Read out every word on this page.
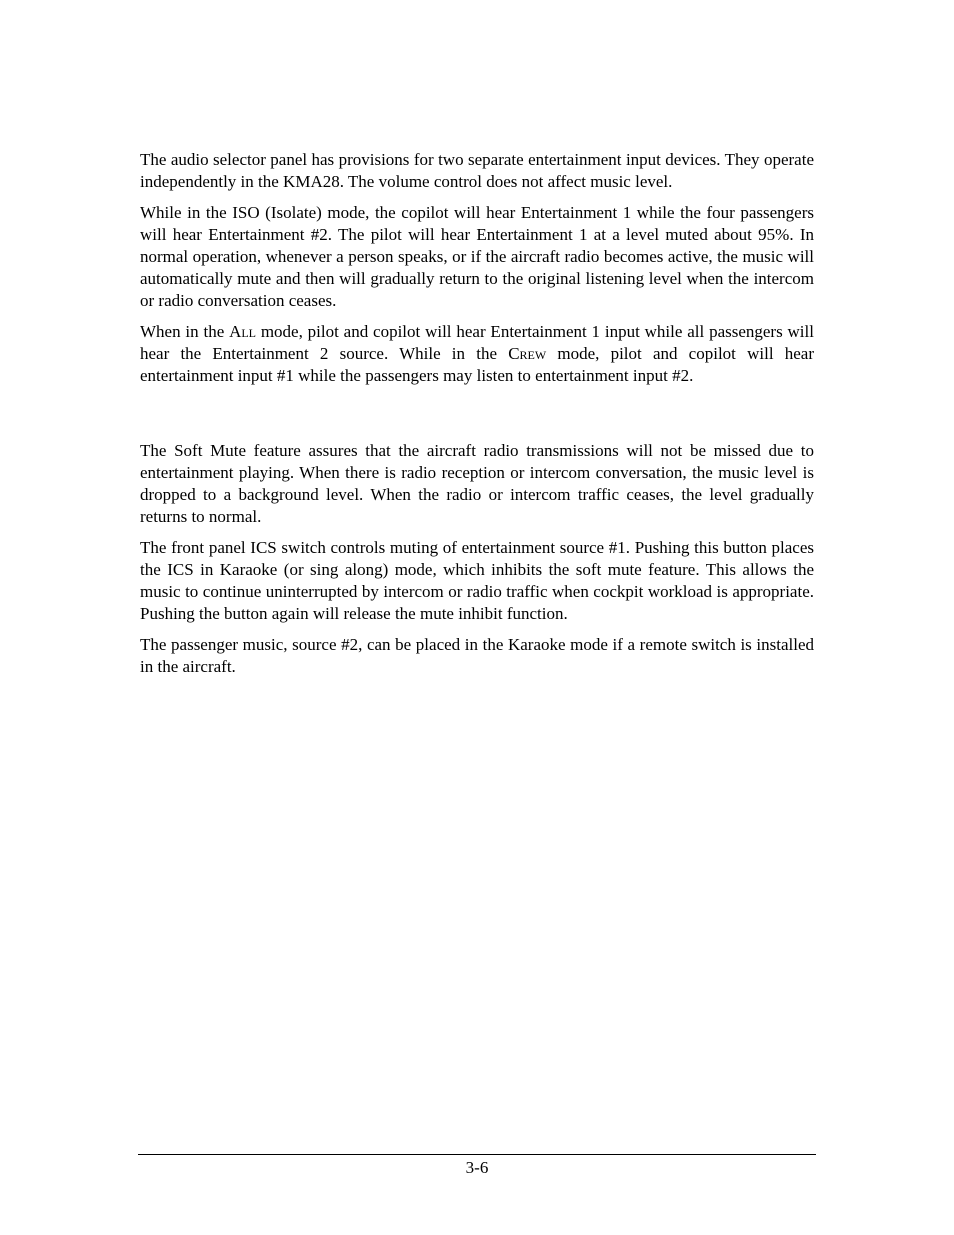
The audio selector panel has provisions for two separate entertainment input devices. They operate independently in the KMA28. The volume control does not affect music level.

While in the ISO (Isolate) mode, the copilot will hear Entertainment 1 while the four passengers will hear Entertainment #2. The pilot will hear Entertainment 1 at a level muted about 95%. In normal operation, whenever a person speaks, or if the aircraft radio becomes active, the music will automatically mute and then will gradually return to the original listening level when the intercom or radio conversation ceases.

When in the All mode, pilot and copilot will hear Entertainment 1 input while all passengers will hear the Entertainment 2 source. While in the Crew mode, pilot and copilot will hear entertainment input #1 while the passengers may listen to entertainment input #2.

The Soft Mute feature assures that the aircraft radio transmissions will not be missed due to entertainment playing. When there is radio reception or intercom conversation, the music level is dropped to a background level. When the radio or intercom traffic ceases, the level gradually returns to normal.

The front panel ICS switch controls muting of entertainment source #1. Pushing this button places the ICS in Karaoke (or sing along) mode, which inhibits the soft mute feature. This allows the music to continue uninterrupted by intercom or radio traffic when cockpit workload is appropriate. Pushing the button again will release the mute inhibit function.

The passenger music, source #2, can be placed in the Karaoke mode if a remote switch is installed in the aircraft.

3-6
